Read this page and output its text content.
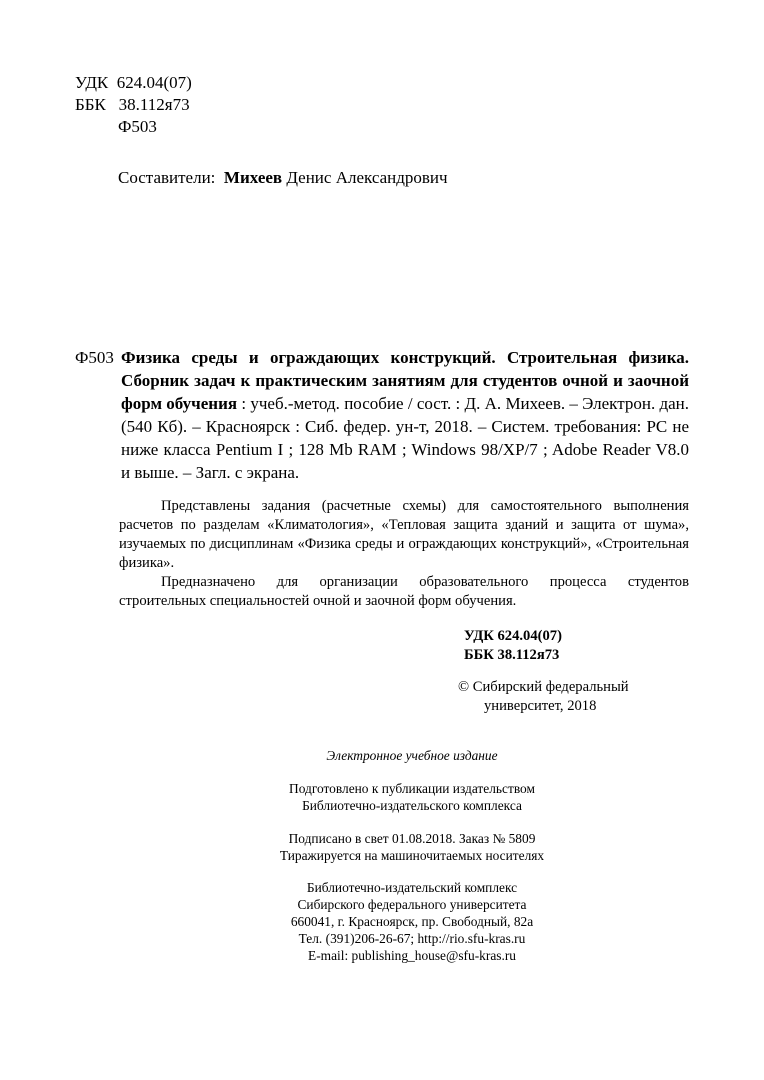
УДК 624.04(07)
ББК 38.112я73
Ф503
Составители: Михеев Денис Александрович
Ф503 Физика среды и ограждающих конструкций. Строительная физика. Сборник задач к практическим занятиям для студентов очной и заочной форм обучения : учеб.-метод. пособие / сост. : Д. А. Михеев. – Электрон. дан. (540 Кб). – Красноярск : Сиб. федер. ун-т, 2018. – Систем. требования: PC не ниже класса Pentium I ; 128 Mb RAM ; Windows 98/XP/7 ; Adobe Reader V8.0 и выше. – Загл. с экрана.

Представлены задания (расчетные схемы) для самостоятельного выполнения расчетов по разделам «Климатология», «Тепловая защита зданий и защита от шума», изучаемых по дисциплинам «Физика среды и ограждающих конструкций», «Строительная физика».

Предназначено для организации образовательного процесса студентов строительных специальностей очной и заочной форм обучения.

УДК 624.04(07)
ББК 38.112я73
© Сибирский федеральный
университет, 2018
Электронное учебное издание
Подготовлено к публикации издательством
Библиотечно-издательского комплекса
Подписано в свет 01.08.2018. Заказ № 5809
Тиражируется на машиночитаемых носителях
Библиотечно-издательский комплекс
Сибирского федерального университета
660041, г. Красноярск, пр. Свободный, 82а
Тел. (391)206-26-67; http://rio.sfu-kras.ru
E-mail: publishing_house@sfu-kras.ru
